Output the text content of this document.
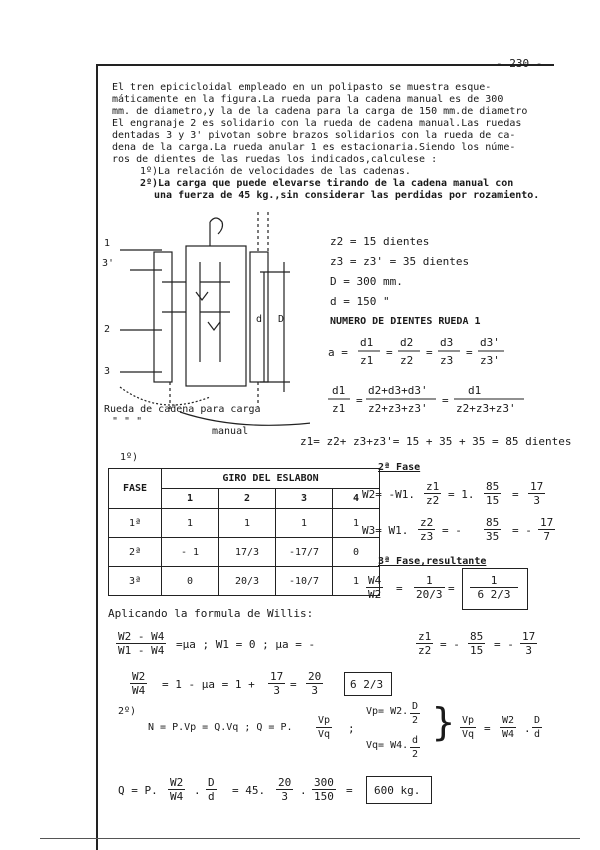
- 230 -
El tren epicicloidal empleado en un polipasto se muestra esque-
máticamente en la figura.La rueda para la cadena manual es de 300
mm. de diametro,y la de la cadena para la carga de 150 mm.de diametro
El engranaje 2 es solidario con la rueda de cadena manual.Las ruedas
dentadas 3 y 3' pivotan sobre brazos solidarios con la rueda de ca-
dena de la carga.La rueda anular 1 es estacionaria.Siendo los núme-
ros de dientes de las ruedas los indicados,calculese :
1º)La relación de velocidades de las cadenas.
2º)La carga que puede elevarse tirando de la cadena manual con
una fuerza de 45 kg.,sin considerar las perdidas por rozamiento.
1
3'
2
3
d D
Rueda de cadena para carga
" " "
manual
z2 = 15 dientes
z3 = z3' = 35 dientes
D = 300 mm.
d = 150 "
NUMERO DE DIENTES RUEDA 1
a =
d1
z1
=
d2
z2
=
d3
z3
=
d3'
z3'
d1
z1
=
d2+d3+d3'
z2+z3+z3'
=
d1
z2+z3+z3'
z1= z2+ z3+z3'= 15 + 35 + 35 = 85 dientes
1º)
FASE	GIRO DEL ESLABON			
	1	2	3	4
1ª	1	1	1	1
2ª	- 1	17/3	-17/7	0
3ª	0	20/3	-10/7	1
2ª Fase
W2= -W1. $\frac{z1}{z2} = 1$. $\frac{85}{15} = \frac{17}{3}$
W3= W1. $\frac{z2}{z3}$ = - $\frac{85}{35}$ = - $\frac{17}{7}$
3ª Fase,resultante
$\frac{W4}{W2} = \frac{1}{20/3} = \frac{1}{6 2/3}$
Aplicando la formula de Willis:
$\frac{W2 - W4}{W1 - W4} =\mu a$ ; W1 = 0 ; μa = -	$\frac{z1}{z2}$ = - $\frac{85}{15}$ = - $\frac{17}{3}$
$\frac{W2}{W4} = 1 - \mu a = 1 + \frac{17}{3} = \frac{20}{3} 6$ 2/3
2º)
N = P.Vp = Q.Vq ; Q = P. $\frac{Vp}{Vq}$ ;
Vp= W2. $\frac{D}{2}$
Vq= W4. $\frac{d}{2}$
} $\frac{Vp}{Vq} = \frac{W2}{W4}$ . $\frac{D}{d}$
Q = P. $\frac{W2}{W4}$ . $\frac{D}{d} = 45$. $\frac{20}{3}$ . $\frac{300}{150} = 600$ kg.
